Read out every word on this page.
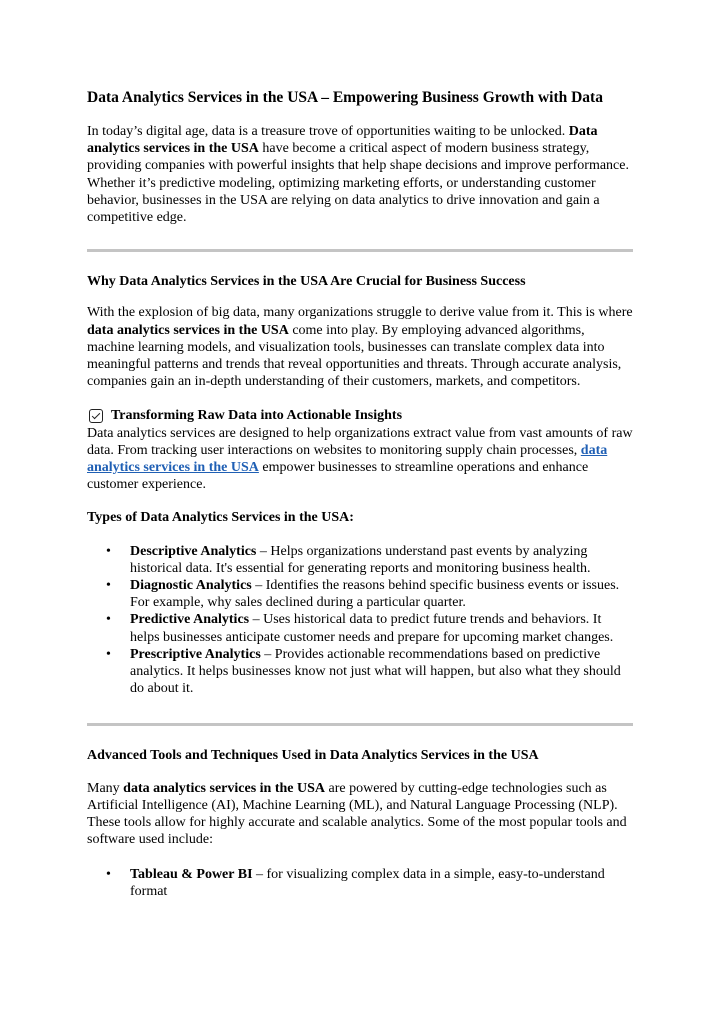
Data Analytics Services in the USA – Empowering Business Growth with Data

In today’s digital age, data is a treasure trove of opportunities waiting to be unlocked. Data analytics services in the USA have become a critical aspect of modern business strategy, providing companies with powerful insights that help shape decisions and improve performance. Whether it’s predictive modeling, optimizing marketing efforts, or understanding customer behavior, businesses in the USA are relying on data analytics to drive innovation and gain a competitive edge.

Why Data Analytics Services in the USA Are Crucial for Business Success

With the explosion of big data, many organizations struggle to derive value from it. This is where data analytics services in the USA come into play. By employing advanced algorithms, machine learning models, and visualization tools, businesses can translate complex data into meaningful patterns and trends that reveal opportunities and threats. Through accurate analysis, companies gain an in-depth understanding of their customers, markets, and competitors.

Transforming Raw Data into Actionable Insights

Data analytics services are designed to help organizations extract value from vast amounts of raw data. From tracking user interactions on websites to monitoring supply chain processes, data analytics services in the USA empower businesses to streamline operations and enhance customer experience.

Types of Data Analytics Services in the USA:
• Descriptive Analytics – Helps organizations understand past events by analyzing historical data. It's essential for generating reports and monitoring business health.
• Diagnostic Analytics – Identifies the reasons behind specific business events or issues. For example, why sales declined during a particular quarter.
• Predictive Analytics – Uses historical data to predict future trends and behaviors. It helps businesses anticipate customer needs and prepare for upcoming market changes.
• Prescriptive Analytics – Provides actionable recommendations based on predictive analytics. It helps businesses know not just what will happen, but also what they should do about it.
Advanced Tools and Techniques Used in Data Analytics Services in the USA

Many data analytics services in the USA are powered by cutting-edge technologies such as Artificial Intelligence (AI), Machine Learning (ML), and Natural Language Processing (NLP). These tools allow for highly accurate and scalable analytics. Some of the most popular tools and software used include:

• Tableau & Power BI – for visualizing complex data in a simple, easy-to-understand format
